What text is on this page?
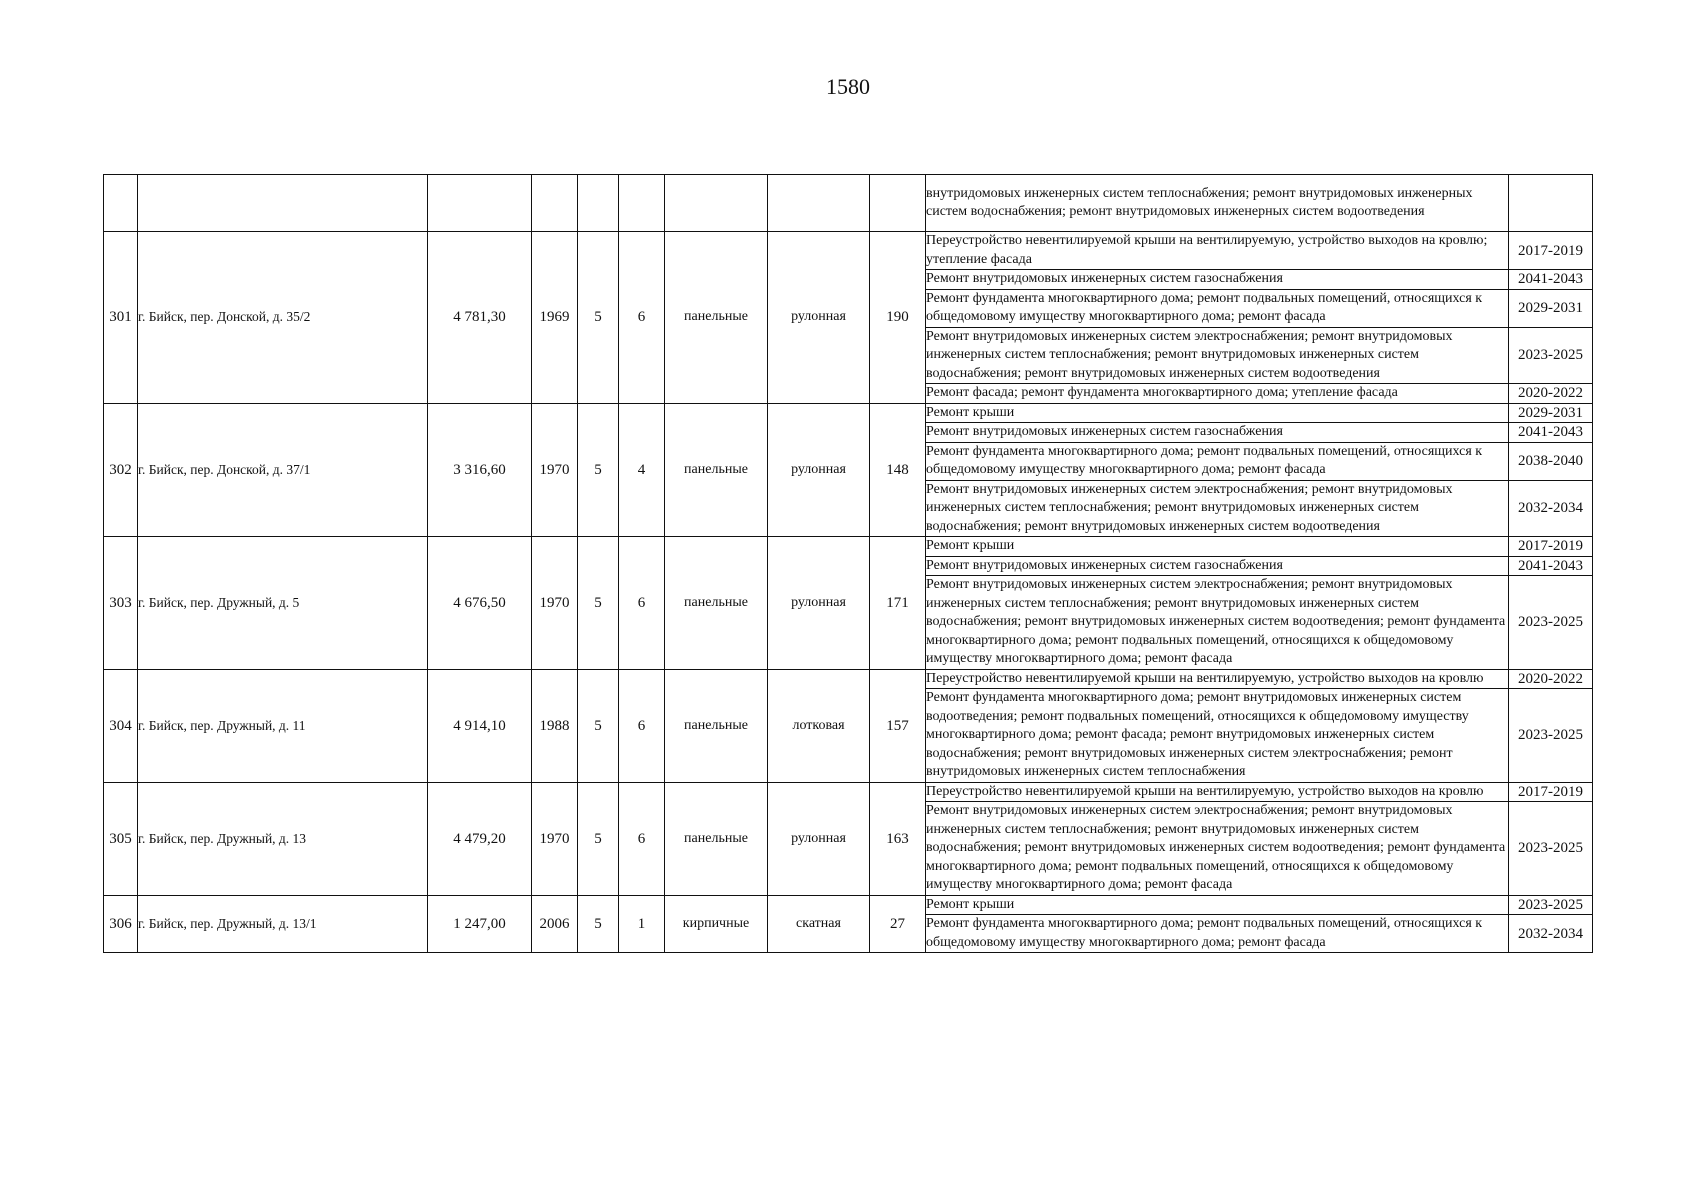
1580
									внутридомовых инженерных систем теплоснабжения; ремонт внутридомовых инженерных систем водоснабжения; ремонт внутридомовых инженерных систем водоотведения	
301	г. Бийск, пер. Донской, д. 35/2	4 781,30	1969	5	6	панельные	рулонная	190	Переустройство невентилируемой крыши на вентилируемую, устройство выходов на кровлю; утепление фасада	2017-2019
									Ремонт внутридомовых инженерных систем газоснабжения	2041-2043
									Ремонт фундамента многоквартирного дома; ремонт подвальных помещений, относящихся к общедомовому имуществу многоквартирного дома; ремонт фасада	2029-2031
									Ремонт внутридомовых инженерных систем электроснабжения; ремонт внутридомовых инженерных систем теплоснабжения; ремонт внутридомовых инженерных систем водоснабжения; ремонт внутридомовых инженерных систем водоотведения	2023-2025
									Ремонт фасада; ремонт фундамента многоквартирного дома; утепление фасада	2020-2022
302	г. Бийск, пер. Донской, д. 37/1	3 316,60	1970	5	4	панельные	рулонная	148	Ремонт крыши	2029-2031
									Ремонт внутридомовых инженерных систем газоснабжения	2041-2043
									Ремонт фундамента многоквартирного дома; ремонт подвальных помещений, относящихся к общедомовому имуществу многоквартирного дома; ремонт фасада	2038-2040
									Ремонт внутридомовых инженерных систем электроснабжения; ремонт внутридомовых инженерных систем теплоснабжения; ремонт внутридомовых инженерных систем водоснабжения; ремонт внутридомовых инженерных систем водоотведения	2032-2034
303	г. Бийск, пер. Дружный, д. 5	4 676,50	1970	5	6	панельные	рулонная	171	Ремонт крыши	2017-2019
									Ремонт внутридомовых инженерных систем газоснабжения	2041-2043
									Ремонт внутридомовых инженерных систем электроснабжения; ремонт внутридомовых инженерных систем теплоснабжения; ремонт внутридомовых инженерных систем водоснабжения; ремонт внутридомовых инженерных систем водоотведения; ремонт фундамента многоквартирного дома; ремонт подвальных помещений, относящихся к общедомовому имуществу многоквартирного дома; ремонт фасада	2023-2025
304	г. Бийск, пер. Дружный, д. 11	4 914,10	1988	5	6	панельные	лотковая	157	Переустройство невентилируемой крыши на вентилируемую, устройство выходов на кровлю	2020-2022
									Ремонт фундамента многоквартирного дома; ремонт внутридомовых инженерных систем водоотведения; ремонт подвальных помещений, относящихся к общедомовому имуществу многоквартирного дома; ремонт фасада; ремонт внутридомовых инженерных систем водоснабжения; ремонт внутридомовых инженерных систем электроснабжения; ремонт внутридомовых инженерных систем теплоснабжения	2023-2025
305	г. Бийск, пер. Дружный, д. 13	4 479,20	1970	5	6	панельные	рулонная	163	Переустройство невентилируемой крыши на вентилируемую, устройство выходов на кровлю	2017-2019
									Ремонт внутридомовых инженерных систем электроснабжения; ремонт внутридомовых инженерных систем теплоснабжения; ремонт внутридомовых инженерных систем водоснабжения; ремонт внутридомовых инженерных систем водоотведения; ремонт фундамента многоквартирного дома; ремонт подвальных помещений, относящихся к общедомовому имуществу многоквартирного дома; ремонт фасада	2023-2025
306	г. Бийск, пер. Дружный, д. 13/1	1 247,00	2006	5	1	кирпичные	скатная	27	Ремонт крыши	2023-2025
									Ремонт фундамента многоквартирного дома; ремонт подвальных помещений, относящихся к общедомовому имуществу многоквартирного дома; ремонт фасада	2032-2034
